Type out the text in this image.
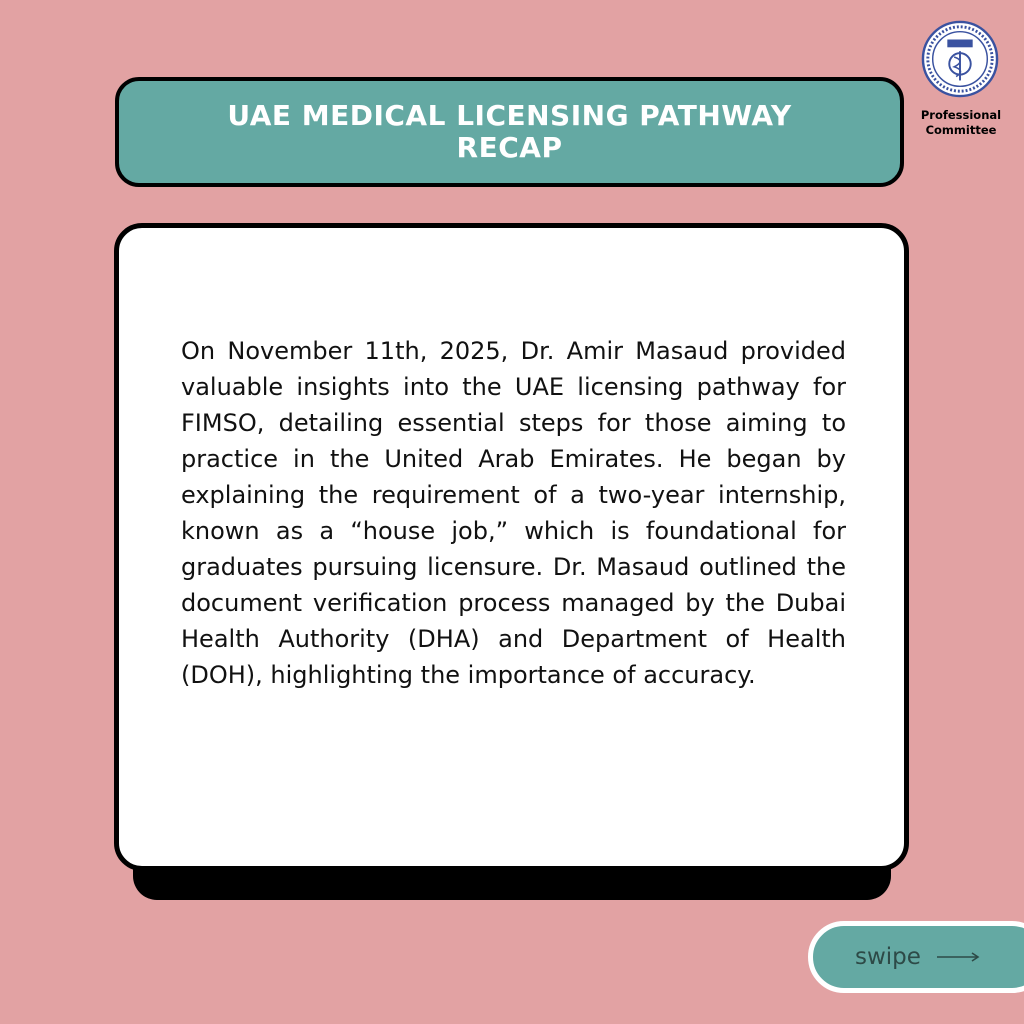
UAE MEDICAL LICENSING PATHWAY
RECAP

On November 11th, 2025, Dr. Amir Masaud provided valuable insights into the UAE licensing pathway for FIMSO, detailing essential steps for those aiming to practice in the United Arab Emirates. He began by explaining the requirement of a two-year internship, known as a “house job,” which is foundational for graduates pursuing licensure. Dr. Masaud outlined the document verification process managed by the Dubai Health Authority (DHA) and Department of Health (DOH), highlighting the importance of accuracy.

Professional
Committee
swipe
